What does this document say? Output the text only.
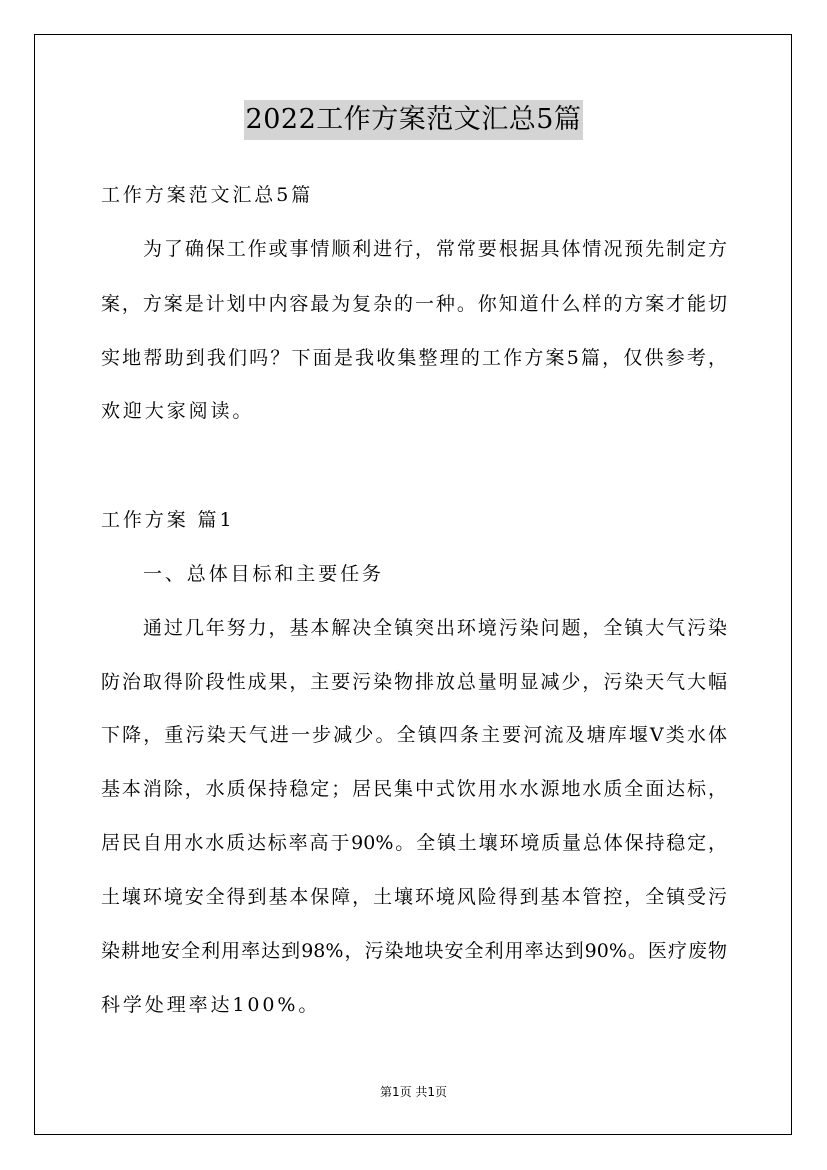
2022工作方案范文汇总5篇
工作方案范文汇总5篇
为了确保工作或事情顺利进行，常常要根据具体情况预先制定方
案，方案是计划中内容最为复杂的一种。你知道什么样的方案才能切
实地帮助到我们吗？下面是我收集整理的工作方案5篇，仅供参考，
欢迎大家阅读。
工作方案 篇1
一、总体目标和主要任务
通过几年努力，基本解决全镇突出环境污染问题，全镇大气污染
防治取得阶段性成果，主要污染物排放总量明显减少，污染天气大幅
下降，重污染天气进一步减少。全镇四条主要河流及塘库堰Ⅴ类水体
基本消除，水质保持稳定；居民集中式饮用水水源地水质全面达标，
居民自用水水质达标率高于90%。全镇土壤环境质量总体保持稳定，
土壤环境安全得到基本保障，土壤环境风险得到基本管控，全镇受污
染耕地安全利用率达到98%，污染地块安全利用率达到90%。医疗废物
科学处理率达100%。
第1页 共1页
